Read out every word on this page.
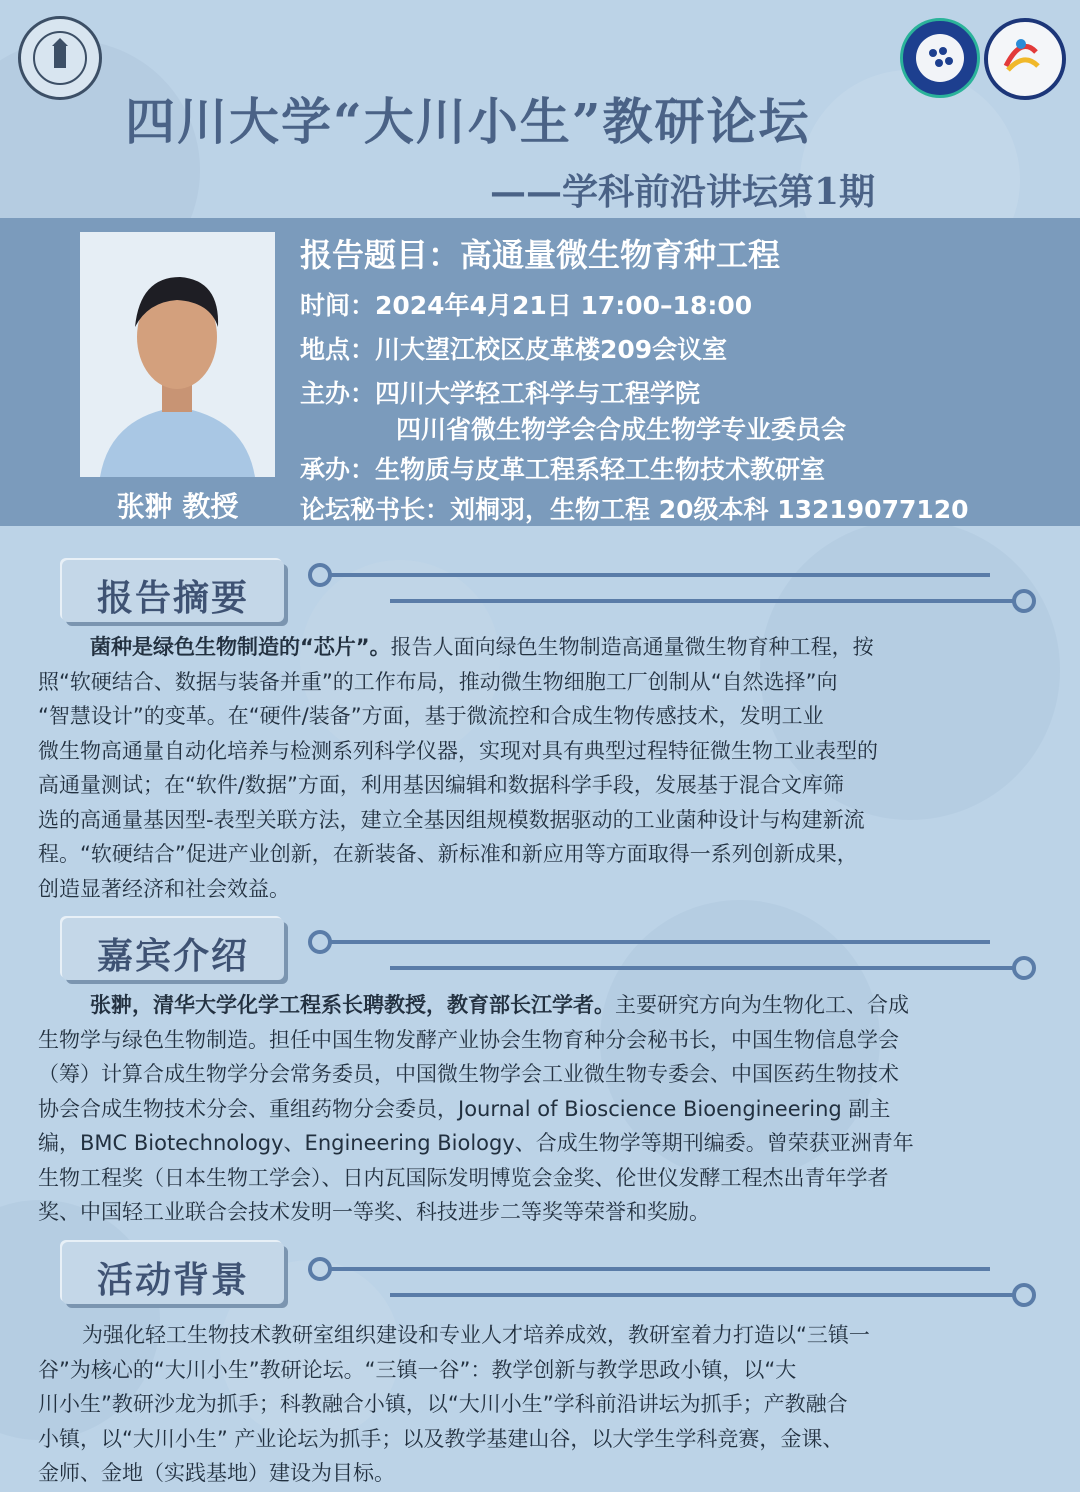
四川大学“大川小生”教研论坛
——学科前沿讲坛第1期
张翀 教授
报告题目：高通量微生物育种工程
时间：2024年4月21日 17:00–18:00
地点：川大望江校区皮革楼209会议室
主办：四川大学轻工科学与工程学院
四川省微生物学会合成生物学专业委员会
承办：生物质与皮革工程系轻工生物技术教研室
论坛秘书长：刘桐羽，生物工程 20级本科 13219077120
报告摘要
菌种是绿色生物制造的“芯片”。报告人面向绿色生物制造高通量微生物育种工程，按
照“软硬结合、数据与装备并重”的工作布局，推动微生物细胞工厂创制从“自然选择”向
“智慧设计”的变革。在“硬件/装备”方面，基于微流控和合成生物传感技术，发明工业
微生物高通量自动化培养与检测系列科学仪器，实现对具有典型过程特征微生物工业表型的
高通量测试；在“软件/数据”方面，利用基因编辑和数据科学手段，发展基于混合文库筛
选的高通量基因型-表型关联方法，建立全基因组规模数据驱动的工业菌种设计与构建新流
程。“软硬结合”促进产业创新，在新装备、新标准和新应用等方面取得一系列创新成果，
创造显著经济和社会效益。
嘉宾介绍
张翀，清华大学化学工程系长聘教授，教育部长江学者。主要研究方向为生物化工、合成
生物学与绿色生物制造。担任中国生物发酵产业协会生物育种分会秘书长，中国生物信息学会
（筹）计算合成生物学分会常务委员，中国微生物学会工业微生物专委会、中国医药生物技术
协会合成生物技术分会、重组药物分会委员，Journal of Bioscience Bioengineering 副主
编，BMC Biotechnology、Engineering Biology、合成生物学等期刊编委。曾荣获亚洲青年
生物工程奖（日本生物工学会）、日内瓦国际发明博览会金奖、伦世仪发酵工程杰出青年学者
奖、中国轻工业联合会技术发明一等奖、科技进步二等奖等荣誉和奖励。
活动背景
为强化轻工生物技术教研室组织建设和专业人才培养成效，教研室着力打造以“三镇一
谷”为核心的“大川小生”教研论坛。“三镇一谷”：教学创新与教学思政小镇，以“大
川小生”教研沙龙为抓手；科教融合小镇，以“大川小生”学科前沿讲坛为抓手；产教融合
小镇，以“大川小生” 产业论坛为抓手；以及教学基建山谷，以大学生学科竞赛，金课、
金师、金地（实践基地）建设为目标。
